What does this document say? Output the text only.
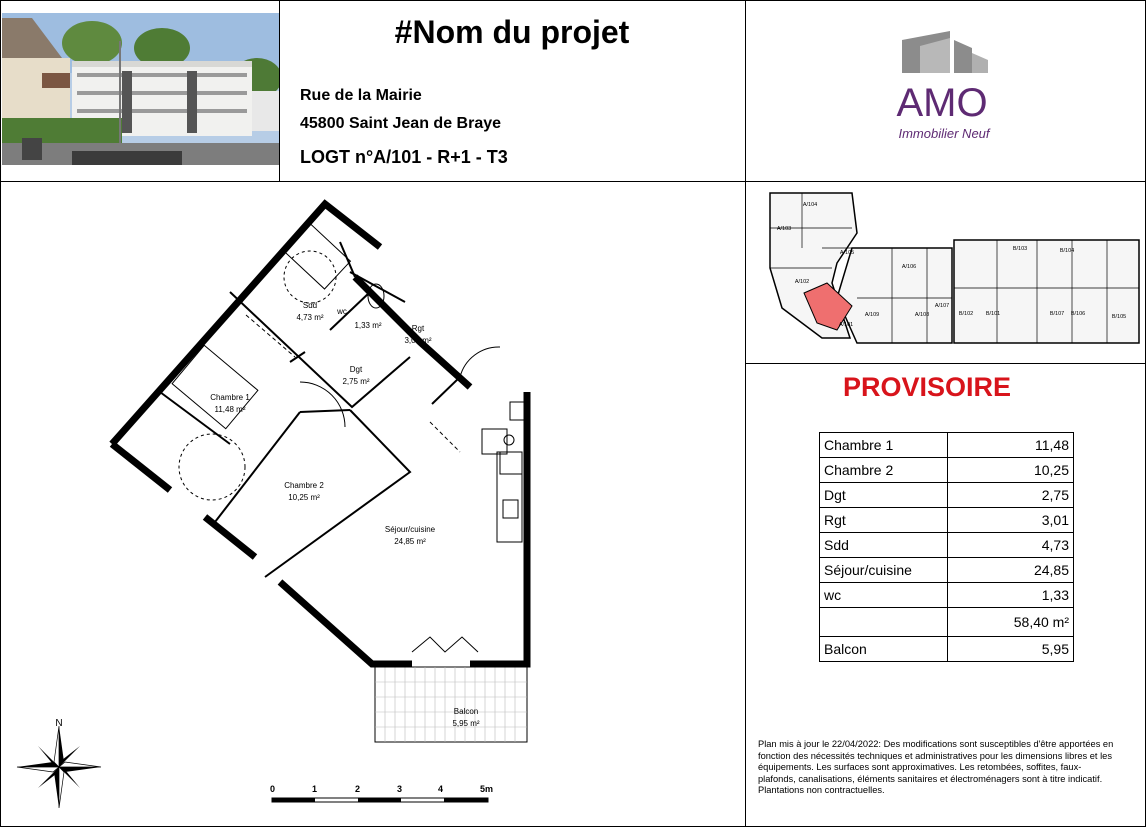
#Nom du projet
Rue de la Mairie
45800 Saint Jean de Braye
LOGT n°A/101 - R+1 - T3
AMO
Immobilier Neuf
Sdd
4,73 m²
wc
1,33 m²	Rgt
3,01 m²
Dgt
2,75 m²
Chambre 1
11,48 m²
Chambre 2
10,25 m²
Séjour/cuisine
24,85 m²
Balcon
5,95 m²
N
0	1	2	3	4	5m
A/104
A/103
A/105
A/106
A/102
A/101
A/109	A/108
A/107
B/103	B/104
B/102 B/101	B/107 B/106	B/105
PROVISOIRE
Chambre 1	11,48
Chambre 2	10,25
Dgt	2,75
Rgt	3,01
Sdd	4,73
Séjour/cuisine	24,85
wc	1,33
	58,40 m²
Balcon	5,95
Plan mis à jour le 22/04/2022: Des modifications sont susceptibles d'être apportées en fonction des nécessités techniques et administratives pour les dimensions libres et les équipements. Les surfaces sont approximatives. Les retombées, soffites, faux-plafonds, canalisations, éléments sanitaires et électroménagers sont à titre indicatif. Plantations non contractuelles.
